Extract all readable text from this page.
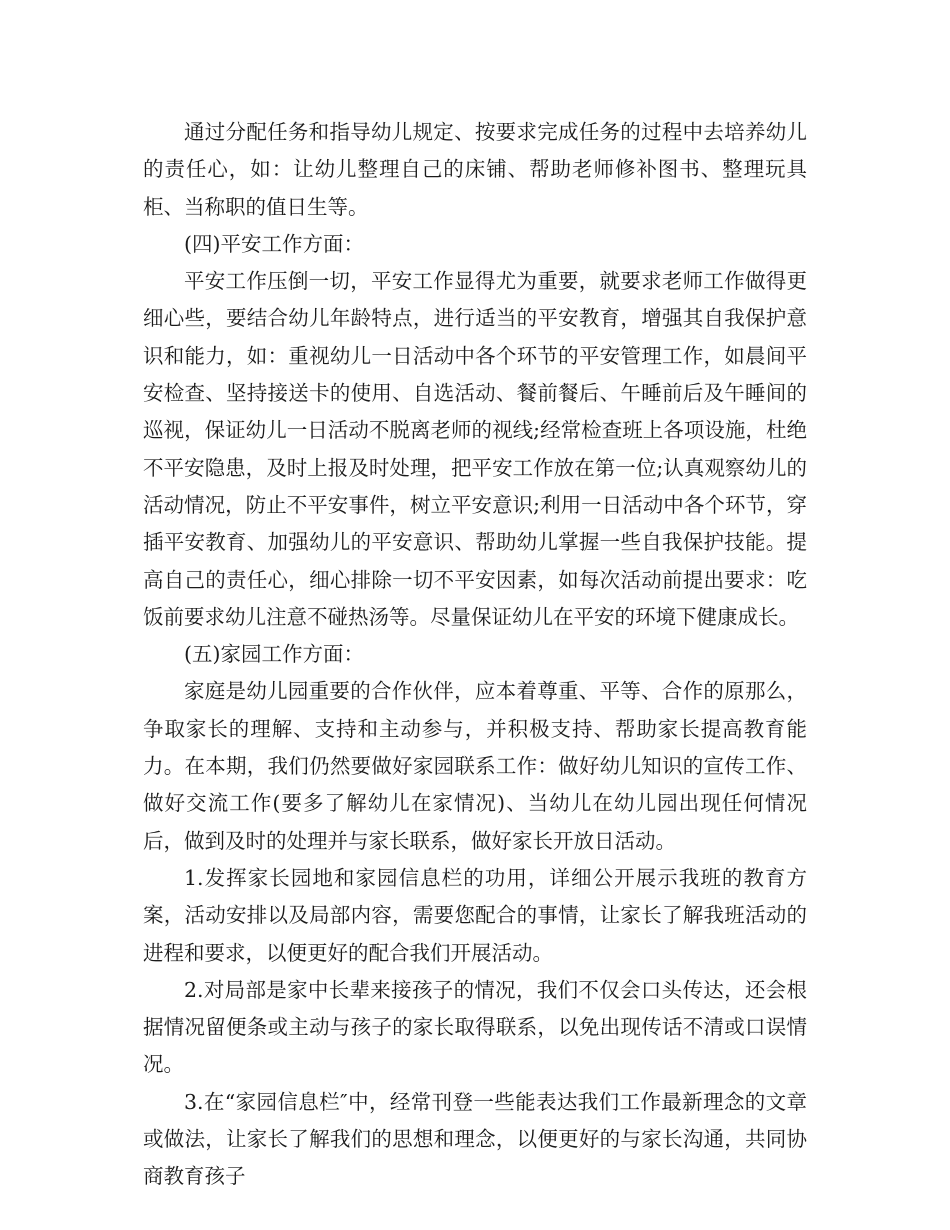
通过分配任务和指导幼儿规定、按要求完成任务的过程中去培养幼儿的责任心，如：让幼儿整理自己的床铺、帮助老师修补图书、整理玩具柜、当称职的值日生等。

(四)平安工作方面：

平安工作压倒一切，平安工作显得尤为重要，就要求老师工作做得更细心些，要结合幼儿年龄特点，进行适当的平安教育，增强其自我保护意识和能力，如：重视幼儿一日活动中各个环节的平安管理工作，如晨间平安检查、坚持接送卡的使用、自选活动、餐前餐后、午睡前后及午睡间的巡视，保证幼儿一日活动不脱离老师的视线;经常检查班上各项设施，杜绝不平安隐患，及时上报及时处理，把平安工作放在第一位;认真观察幼儿的活动情况，防止不平安事件，树立平安意识;利用一日活动中各个环节，穿插平安教育、加强幼儿的平安意识、帮助幼儿掌握一些自我保护技能。提高自己的责任心，细心排除一切不平安因素，如每次活动前提出要求：吃饭前要求幼儿注意不碰热汤等。尽量保证幼儿在平安的环境下健康成长。

(五)家园工作方面：

家庭是幼儿园重要的合作伙伴，应本着尊重、平等、合作的原那么，争取家长的理解、支持和主动参与，并积极支持、帮助家长提高教育能力。在本期，我们仍然要做好家园联系工作：做好幼儿知识的宣传工作、做好交流工作(要多了解幼儿在家情况)、当幼儿在幼儿园出现任何情况后，做到及时的处理并与家长联系，做好家长开放日活动。

1.发挥家长园地和家园信息栏的功用，详细公开展示我班的教育方案，活动安排以及局部内容，需要您配合的事情，让家长了解我班活动的进程和要求，以便更好的配合我们开展活动。

2.对局部是家中长辈来接孩子的情况，我们不仅会口头传达，还会根据情况留便条或主动与孩子的家长取得联系，以免出现传话不清或口误情况。

3.在“家园信息栏″中，经常刊登一些能表达我们工作最新理念的文章或做法，让家长了解我们的思想和理念，以便更好的与家长沟通，共同协商教育孩子
